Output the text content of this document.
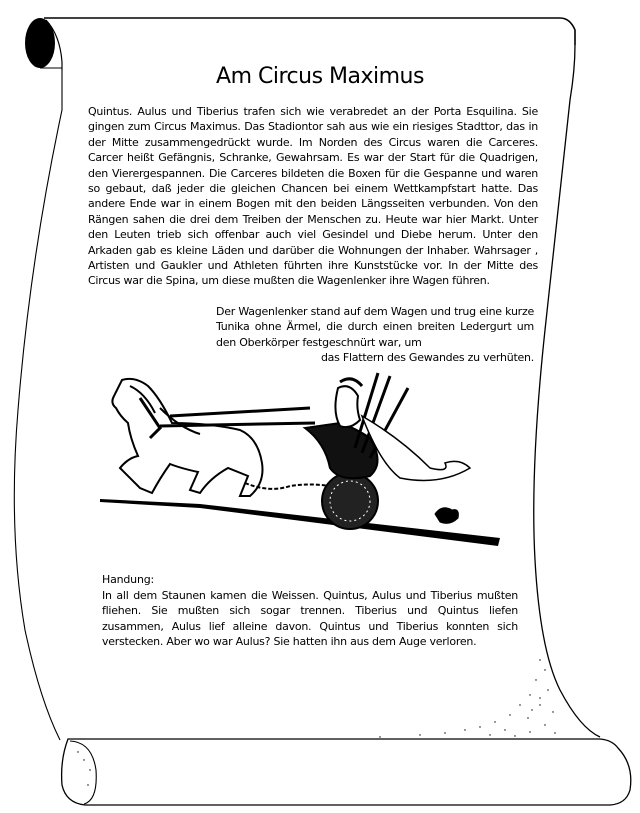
Am Circus Maximus
Quintus. Aulus und Tiberius trafen sich wie verabredet an der Porta Esquilina. Sie gingen zum Circus Maximus. Das Stadiontor sah aus wie ein riesiges Stadttor, das in der Mitte zusammengedrückt wurde. Im Norden des Circus waren die Carceres. Carcer heißt Gefängnis, Schranke, Gewahrsam. Es war der Start für die Quadrigen, den Vierergespannen. Die Carceres bildeten die Boxen für die Gespanne und waren so gebaut, daß jeder die gleichen Chancen bei einem Wettkampfstart hatte. Das andere Ende war in einem Bogen mit den beiden Längsseiten verbunden. Von den Rängen sahen die drei dem Treiben der Menschen zu. Heute war hier Markt. Unter den Leuten trieb sich offenbar auch viel Gesindel und Diebe herum. Unter den Arkaden gab es kleine Läden und darüber die Wohnungen der Inhaber. Wahrsager , Artisten und Gaukler und Athleten führten ihre Kunststücke vor. In der Mitte des Circus war die Spina, um diese mußten die Wagenlenker ihre Wagen führen.
Der Wagenlenker stand auf dem Wagen und trug eine kurze Tunika ohne Ärmel, die durch einen breiten Ledergurt um den Oberkörper festgeschnürt war, um
das Flattern des Gewandes zu verhüten.
Handung:
In all dem Staunen kamen die Weissen. Quintus, Aulus und Tiberius mußten fliehen. Sie mußten sich sogar trennen. Tiberius und Quintus liefen zusammen, Aulus lief alleine davon. Quintus und Tiberius konnten sich verstecken. Aber wo war Aulus? Sie hatten ihn aus dem Auge verloren.
